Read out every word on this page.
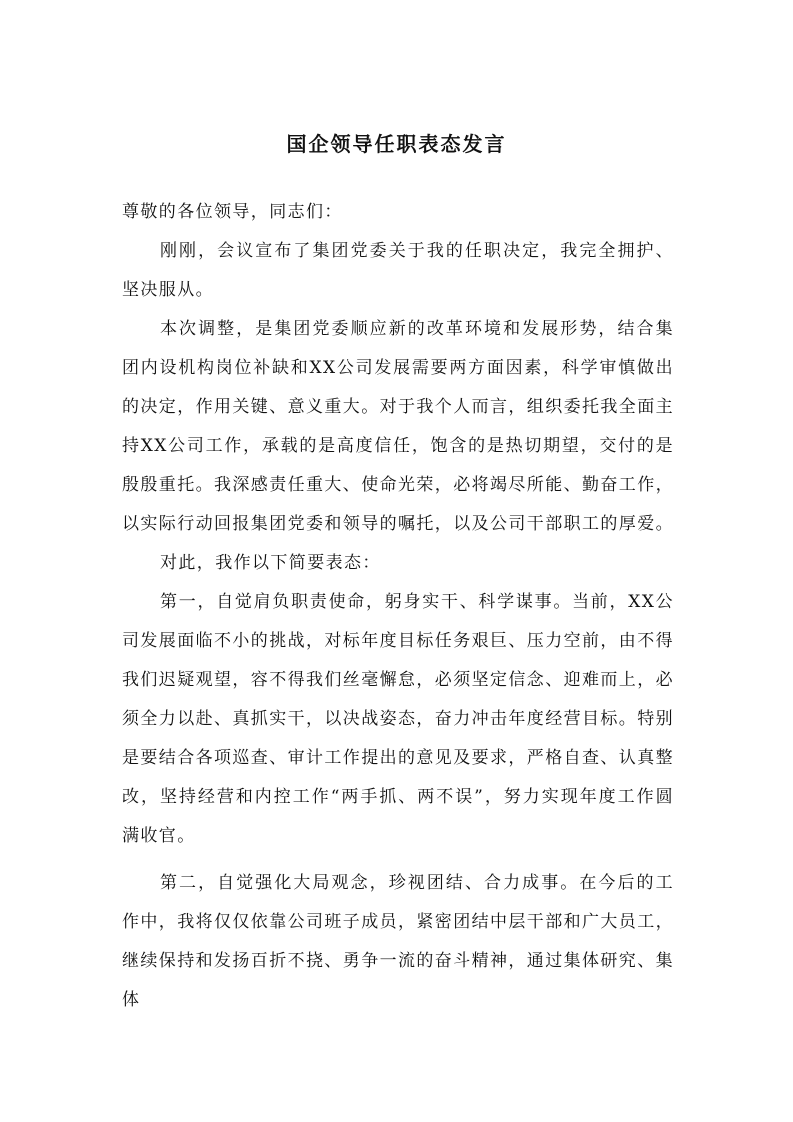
国企领导任职表态发言

尊敬的各位领导，同志们：

刚刚，会议宣布了集团党委关于我的任职决定，我完全拥护、坚决服从。

本次调整，是集团党委顺应新的改革环境和发展形势，结合集团内设机构岗位补缺和XX公司发展需要两方面因素，科学审慎做出的决定，作用关键、意义重大。对于我个人而言，组织委托我全面主持XX公司工作，承载的是高度信任，饱含的是热切期望，交付的是殷殷重托。我深感责任重大、使命光荣，必将竭尽所能、勤奋工作，以实际行动回报集团党委和领导的嘱托，以及公司干部职工的厚爱。

对此，我作以下简要表态：

第一，自觉肩负职责使命，躬身实干、科学谋事。当前，XX公司发展面临不小的挑战，对标年度目标任务艰巨、压力空前，由不得我们迟疑观望，容不得我们丝毫懈怠，必须坚定信念、迎难而上，必须全力以赴、真抓实干，以决战姿态，奋力冲击年度经营目标。特别是要结合各项巡查、审计工作提出的意见及要求，严格自查、认真整改，坚持经营和内控工作“两手抓、两不误”，努力实现年度工作圆满收官。

第二，自觉强化大局观念，珍视团结、合力成事。在今后的工作中，我将仅仅依靠公司班子成员，紧密团结中层干部和广大员工，继续保持和发扬百折不挠、勇争一流的奋斗精神，通过集体研究、集体
